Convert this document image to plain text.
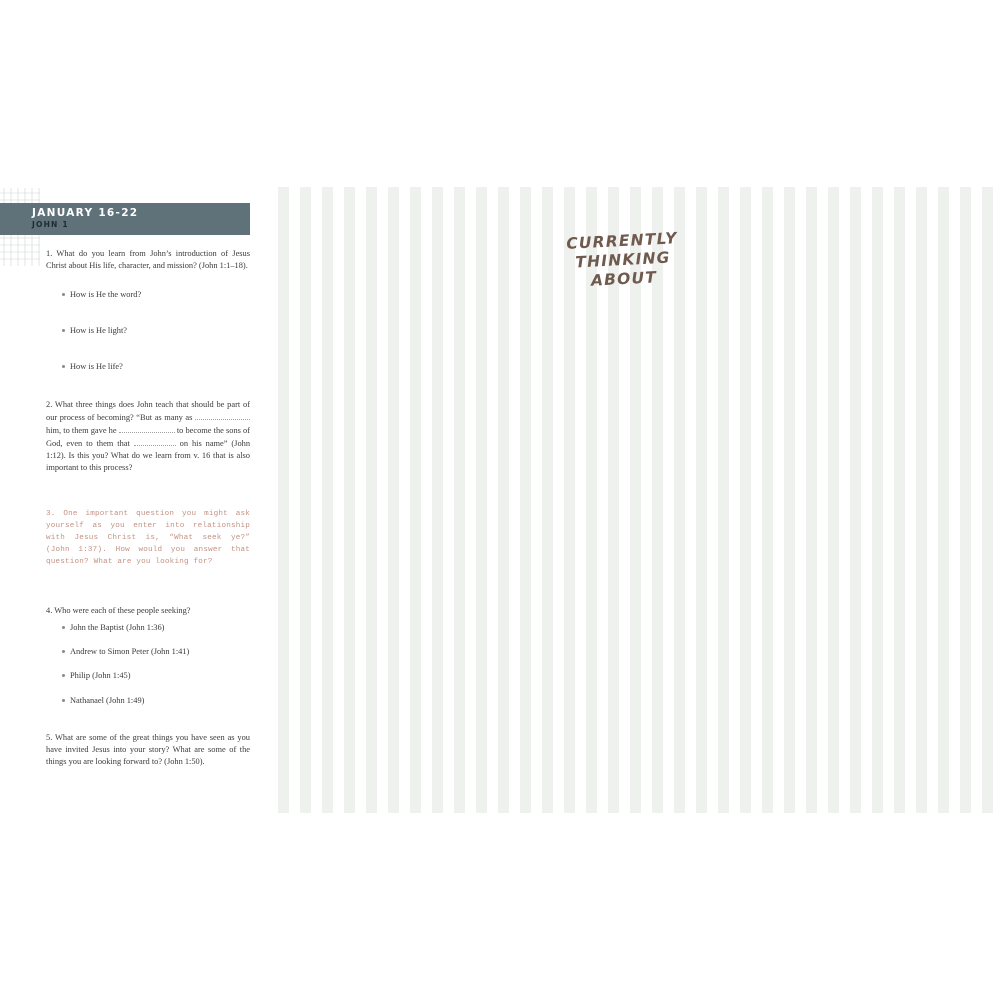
JANUARY 16-22
JOHN 1
1. What do you learn from John’s introduction of Jesus Christ about His life, character, and mission? (John 1:1–18).
How is He the word?
How is He light?
How is He life?
2. What three things does John teach that should be part of our process of becoming? “But as many as  him, to them gave he	to become the sons of God, even to them that	on his name” (John 1:12). Is this you? What do we learn from v. 16 that is also important to this process?
3. One important question you might ask yourself as you enter into relationship with Jesus Christ is, “What seek ye?” (John 1:37). How would you answer that question? What are you looking for?
4. Who were each of these people seeking?
John the Baptist (John 1:36)
Andrew to Simon Peter (John 1:41)
Philip (John 1:45)
Nathanael (John 1:49)
5. What are some of the great things you have seen as you have invited Jesus into your story? What are some of the things you are looking forward to? (John 1:50).
CURRENTLY
THINKING
ABOUT
